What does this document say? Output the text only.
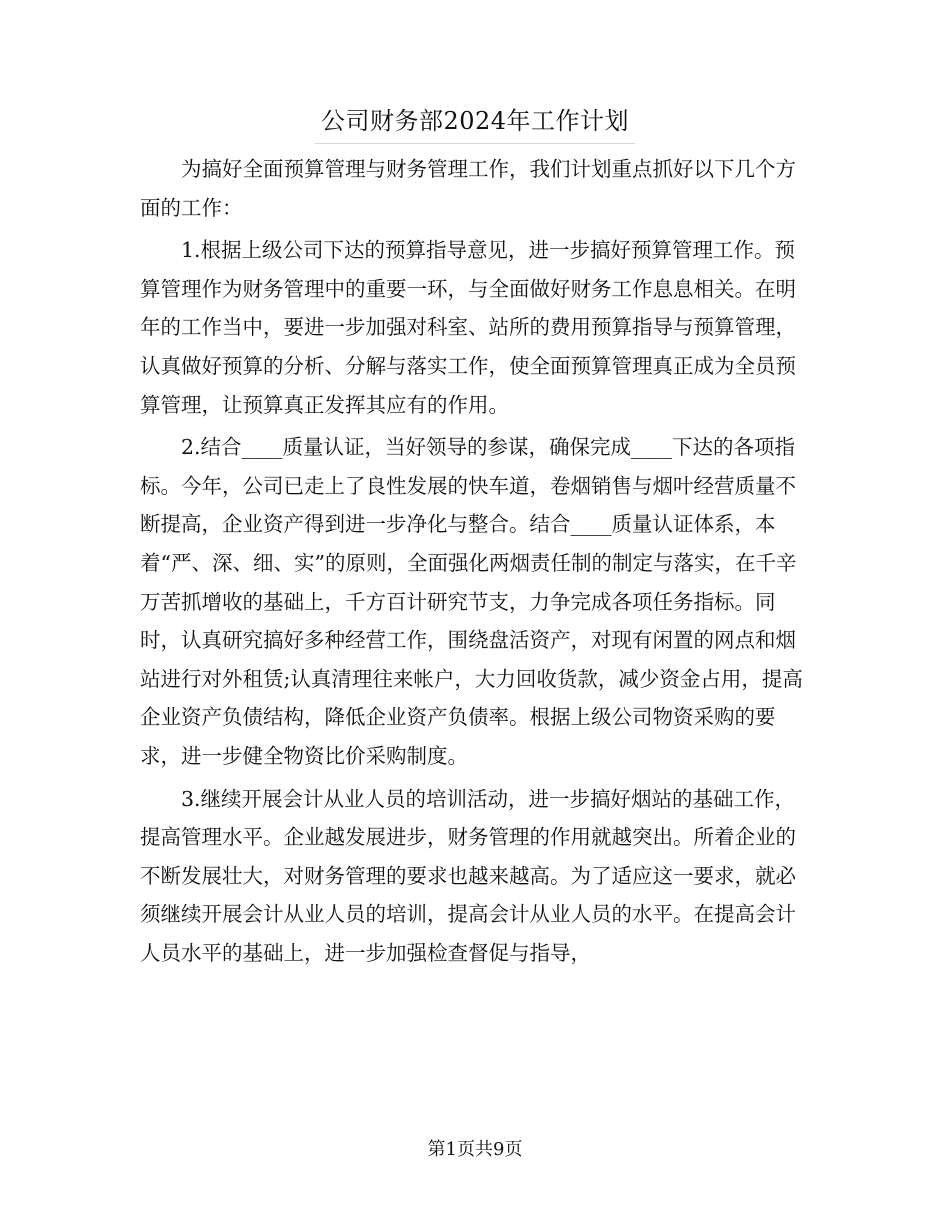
公司财务部2024年工作计划

为搞好全面预算管理与财务管理工作，我们计划重点抓好以下几个方面的工作：

1.根据上级公司下达的预算指导意见，进一步搞好预算管理工作。预算管理作为财务管理中的重要一环，与全面做好财务工作息息相关。在明年的工作当中，要进一步加强对科室、站所的费用预算指导与预算管理，认真做好预算的分析、分解与落实工作，使全面预算管理真正成为全员预算管理，让预算真正发挥其应有的作用。

2.结合____质量认证，当好领导的参谋，确保完成____下达的各项指标。今年，公司已走上了良性发展的快车道，卷烟销售与烟叶经营质量不断提高，企业资产得到进一步净化与整合。结合____质量认证体系，本着“严、深、细、实”的原则，全面强化两烟责任制的制定与落实，在千辛万苦抓增收的基础上，千方百计研究节支，力争完成各项任务指标。同时，认真研究搞好多种经营工作，围绕盘活资产，对现有闲置的网点和烟站进行对外租赁;认真清理往来帐户，大力回收货款，减少资金占用，提高企业资产负债结构，降低企业资产负债率。根据上级公司物资采购的要求，进一步健全物资比价采购制度。

3.继续开展会计从业人员的培训活动，进一步搞好烟站的基础工作，提高管理水平。企业越发展进步，财务管理的作用就越突出。所着企业的不断发展壮大，对财务管理的要求也越来越高。为了适应这一要求，就必须继续开展会计从业人员的培训，提高会计从业人员的水平。在提高会计人员水平的基础上，进一步加强检查督促与指导，

第1页共9页
